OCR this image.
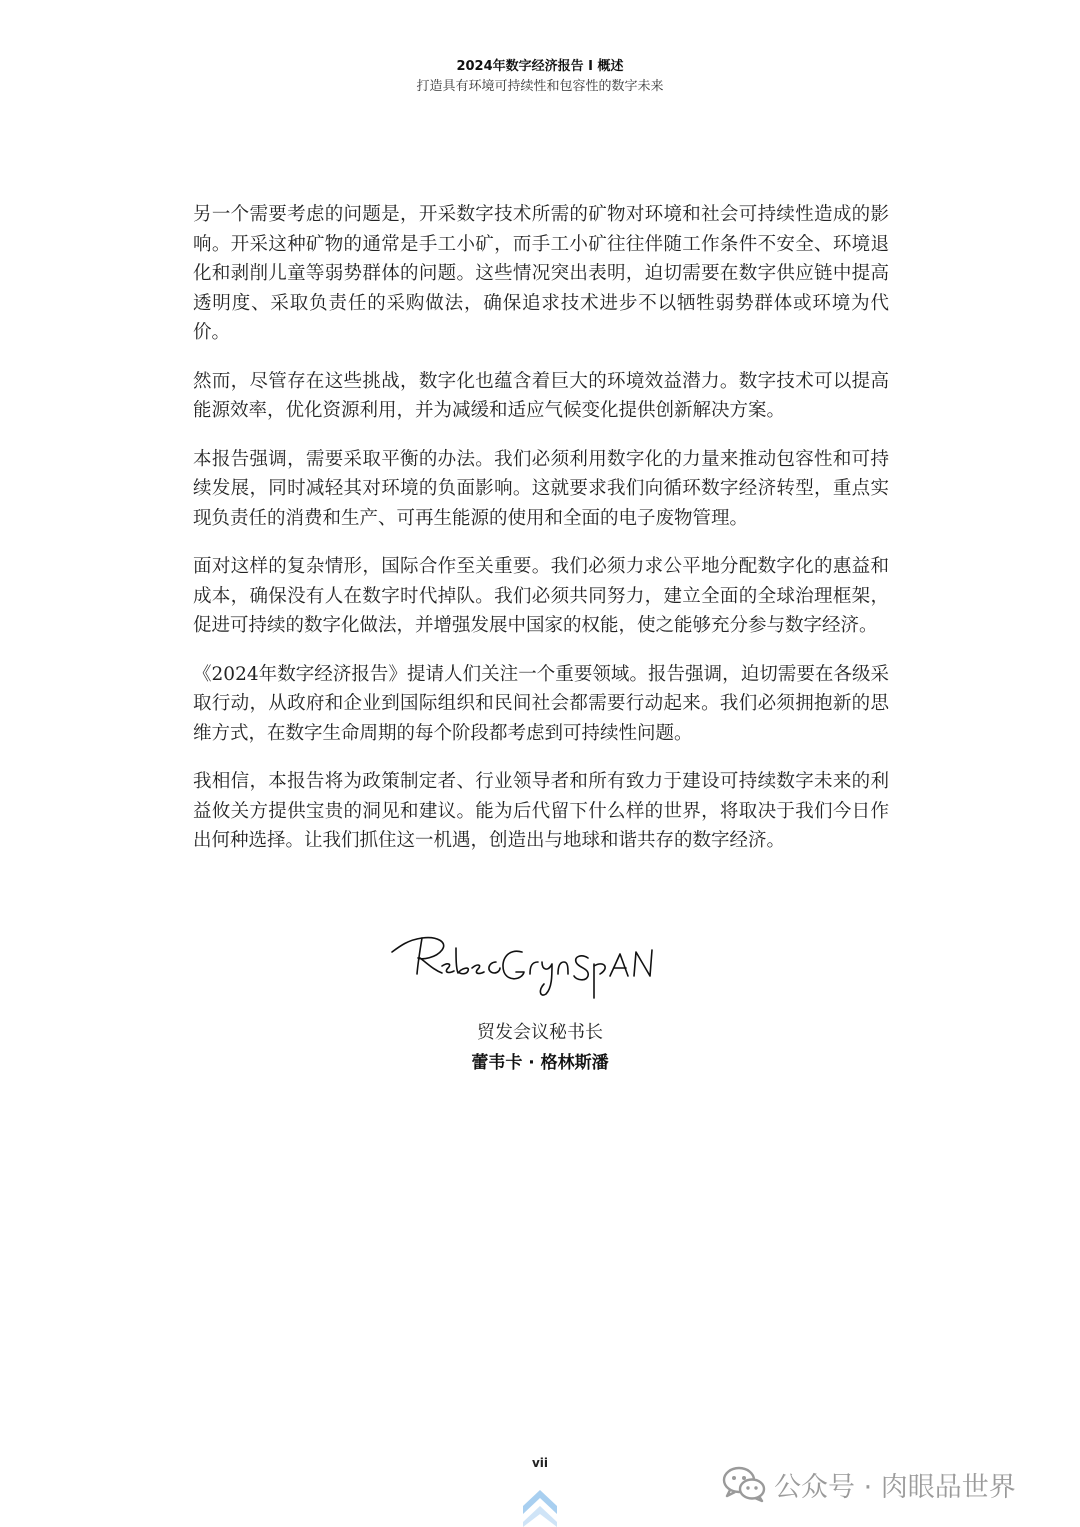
2024年数字经济报告 I 概述
打造具有环境可持续性和包容性的数字未来

另一个需要考虑的问题是，开采数字技术所需的矿物对环境和社会可持续性造成的影响。开采这种矿物的通常是手工小矿，而手工小矿往往伴随工作条件不安全、环境退化和剥削儿童等弱势群体的问题。这些情况突出表明，迫切需要在数字供应链中提高透明度、采取负责任的采购做法，确保追求技术进步不以牺牲弱势群体或环境为代价。

然而，尽管存在这些挑战，数字化也蕴含着巨大的环境效益潜力。数字技术可以提高能源效率，优化资源利用，并为减缓和适应气候变化提供创新解决方案。

本报告强调，需要采取平衡的办法。我们必须利用数字化的力量来推动包容性和可持续发展，同时减轻其对环境的负面影响。这就要求我们向循环数字经济转型，重点实现负责任的消费和生产、可再生能源的使用和全面的电子废物管理。

面对这样的复杂情形，国际合作至关重要。我们必须力求公平地分配数字化的惠益和成本，确保没有人在数字时代掉队。我们必须共同努力，建立全面的全球治理框架，促进可持续的数字化做法，并增强发展中国家的权能，使之能够充分参与数字经济。

《2024年数字经济报告》提请人们关注一个重要领域。报告强调，迫切需要在各级采取行动，从政府和企业到国际组织和民间社会都需要行动起来。我们必须拥抱新的思维方式，在数字生命周期的每个阶段都考虑到可持续性问题。

我相信，本报告将为政策制定者、行业领导者和所有致力于建设可持续数字未来的利益攸关方提供宝贵的洞见和建议。能为后代留下什么样的世界，将取决于我们今日作出何种选择。让我们抓住这一机遇，创造出与地球和谐共存的数字经济。

贸发会议秘书长
蕾韦卡 · 格林斯潘
vii
公众号 · 肉眼品世界
